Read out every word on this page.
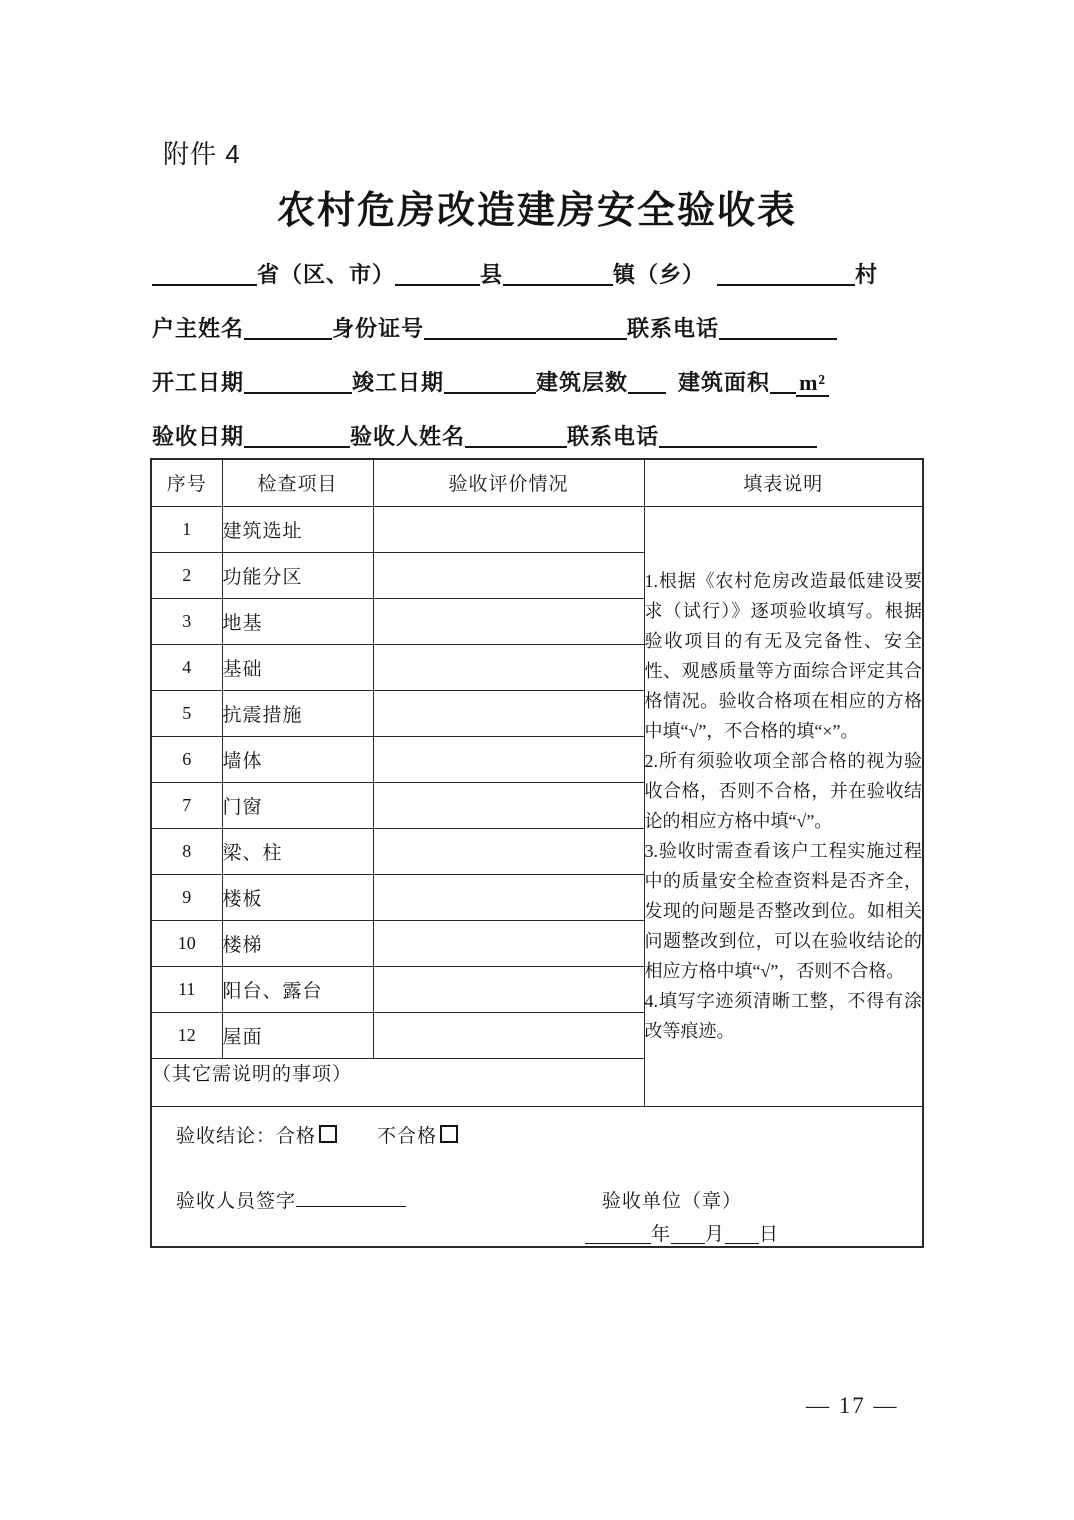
附件 4
农村危房改造建房安全验收表
省（区、市）	县	镇（乡）	村
户主姓名	身份证号	联系电话
开工日期	竣工日期	建筑层数 建筑面积 m²
验收日期	验收人姓名	联系电话
序号	检查项目	验收评价情况	填表说明
1	建筑选址		1.根据《农村危房改造最低建设要求（试行）》逐项验收填写。根据验收项目的有无及完备性、安全性、观感质量等方面综合评定其合格情况。验收合格项在相应的方格中填“√”，不合格的填“×”。

2.所有须验收项全部合格的视为验收合格，否则不合格，并在验收结论的相应方格中填“√”。

3.验收时需查看该户工程实施过程中的质量安全检查资料是否齐全，发现的问题是否整改到位。如相关问题整改到位，可以在验收结论的相应方格中填“√”，否则不合格。

4.填写字迹须清晰工整，不得有涂改等痕迹。

2	功能分区		
3	地基		
4	基础		
5	抗震措施		
6	墙体		
7	门窗		
8	梁、柱		
9	楼板		
10	楼梯		
11	阳台、露台		
12	屋面		
（其它需说明的事项）			

验收结论：合格 不合格
验收人员签字 验收单位（章）
年 月 日			
— 17 —
